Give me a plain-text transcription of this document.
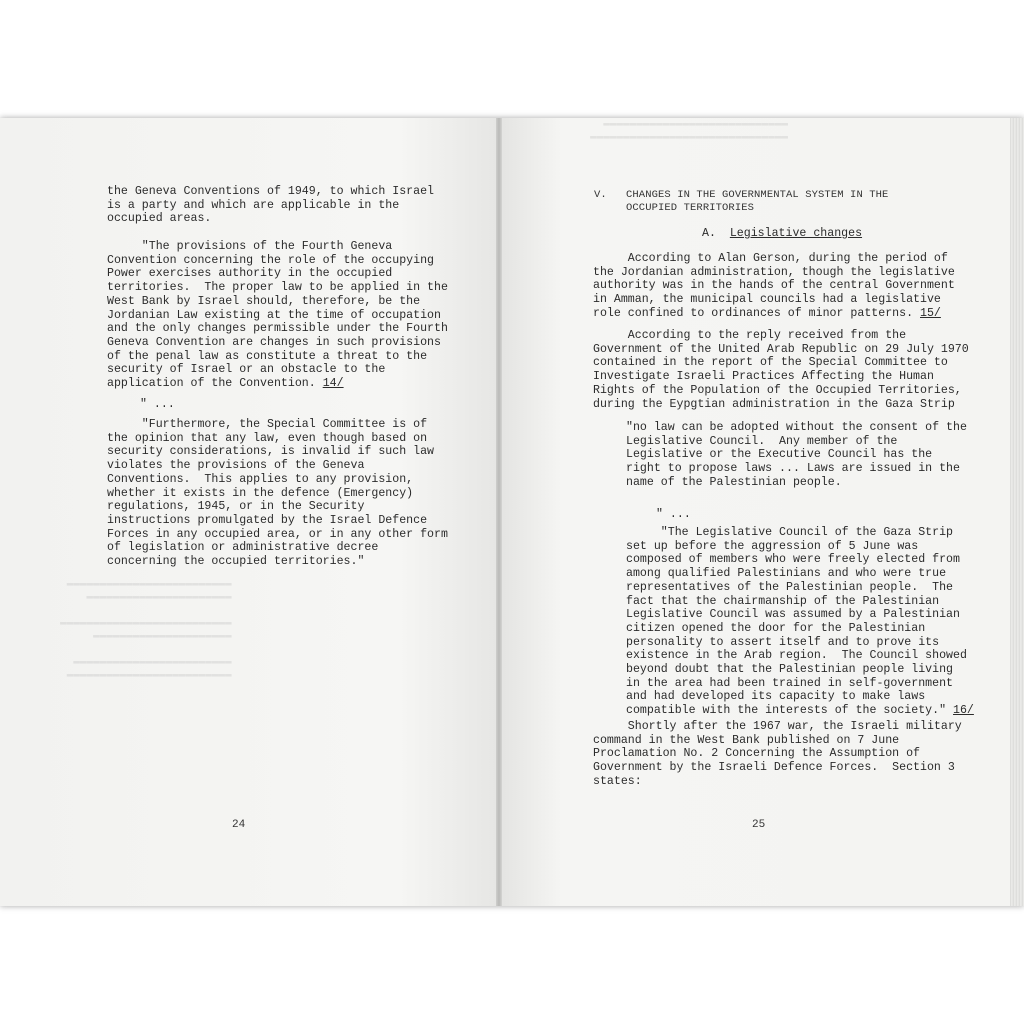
▬▬▬▬▬▬▬▬▬▬▬▬▬▬▬▬▬▬▬▬▬▬▬▬▬
▬▬▬▬▬▬▬▬▬▬▬▬▬▬▬▬▬▬▬▬▬▬

▬▬▬▬▬▬▬▬▬▬▬▬▬▬▬▬▬▬▬▬▬▬▬▬▬▬
▬▬▬▬▬▬▬▬▬▬▬▬▬▬▬▬▬▬▬▬▬

▬▬▬▬▬▬▬▬▬▬▬▬▬▬▬▬▬▬▬▬▬▬▬▬
▬▬▬▬▬▬▬▬▬▬▬▬▬▬▬▬▬▬▬▬▬▬▬▬▬
▬▬▬▬▬▬▬▬▬▬▬▬▬▬▬▬▬▬▬▬▬▬▬▬▬▬▬▬
▬▬▬▬▬▬▬▬▬▬▬▬▬▬▬▬▬▬▬▬▬▬▬▬▬▬▬▬▬▬
the Geneva Conventions of 1949, to which Israel
is a party and which are applicable in the
occupied areas.
"The provisions of the Fourth Geneva
Convention concerning the role of the occupying
Power exercises authority in the occupied
territories.  The proper law to be applied in the
West Bank by Israel should, therefore, be the
Jordanian Law existing at the time of occupation
and the only changes permissible under the Fourth
Geneva Convention are changes in such provisions
of the penal law as constitute a threat to the
security of Israel or an obstacle to the
application of the Convention. 14/
" ...
"Furthermore, the Special Committee is of
the opinion that any law, even though based on
security considerations, is invalid if such law
violates the provisions of the Geneva
Conventions.  This applies to any provision,
whether it exists in the defence (Emergency)
regulations, 1945, or in the Security
instructions promulgated by the Israel Defence
Forces in any occupied area, or in any other form
of legislation or administrative decree
concerning the occupied territories."
24
V.   CHANGES IN THE GOVERNMENTAL SYSTEM IN THE
OCCUPIED TERRITORIES
A. Legislative changes
According to Alan Gerson, during the period of
the Jordanian administration, though the legislative
authority was in the hands of the central Government
in Amman, the municipal councils had a legislative
role confined to ordinances of minor patterns. 15/
According to the reply received from the
Government of the United Arab Republic on 29 July 1970
contained in the report of the Special Committee to
Investigate Israeli Practices Affecting the Human
Rights of the Population of the Occupied Territories,
during the Eypgtian administration in the Gaza Strip
"no law can be adopted without the consent of the
Legislative Council.  Any member of the
Legislative or the Executive Council has the
right to propose laws ... Laws are issued in the
name of the Palestinian people.
" ...
"The Legislative Council of the Gaza Strip
set up before the aggression of 5 June was
composed of members who were freely elected from
among qualified Palestinians and who were true
representatives of the Palestinian people.  The
fact that the chairmanship of the Palestinian
Legislative Council was assumed by a Palestinian
citizen opened the door for the Palestinian
personality to assert itself and to prove its
existence in the Arab region.  The Council showed
beyond doubt that the Palestinian people living
in the area had been trained in self-government
and had developed its capacity to make laws
compatible with the interests of the society." 16/
Shortly after the 1967 war, the Israeli military
command in the West Bank published on 7 June
Proclamation No. 2 Concerning the Assumption of
Government by the Israeli Defence Forces.  Section 3
states:
25
